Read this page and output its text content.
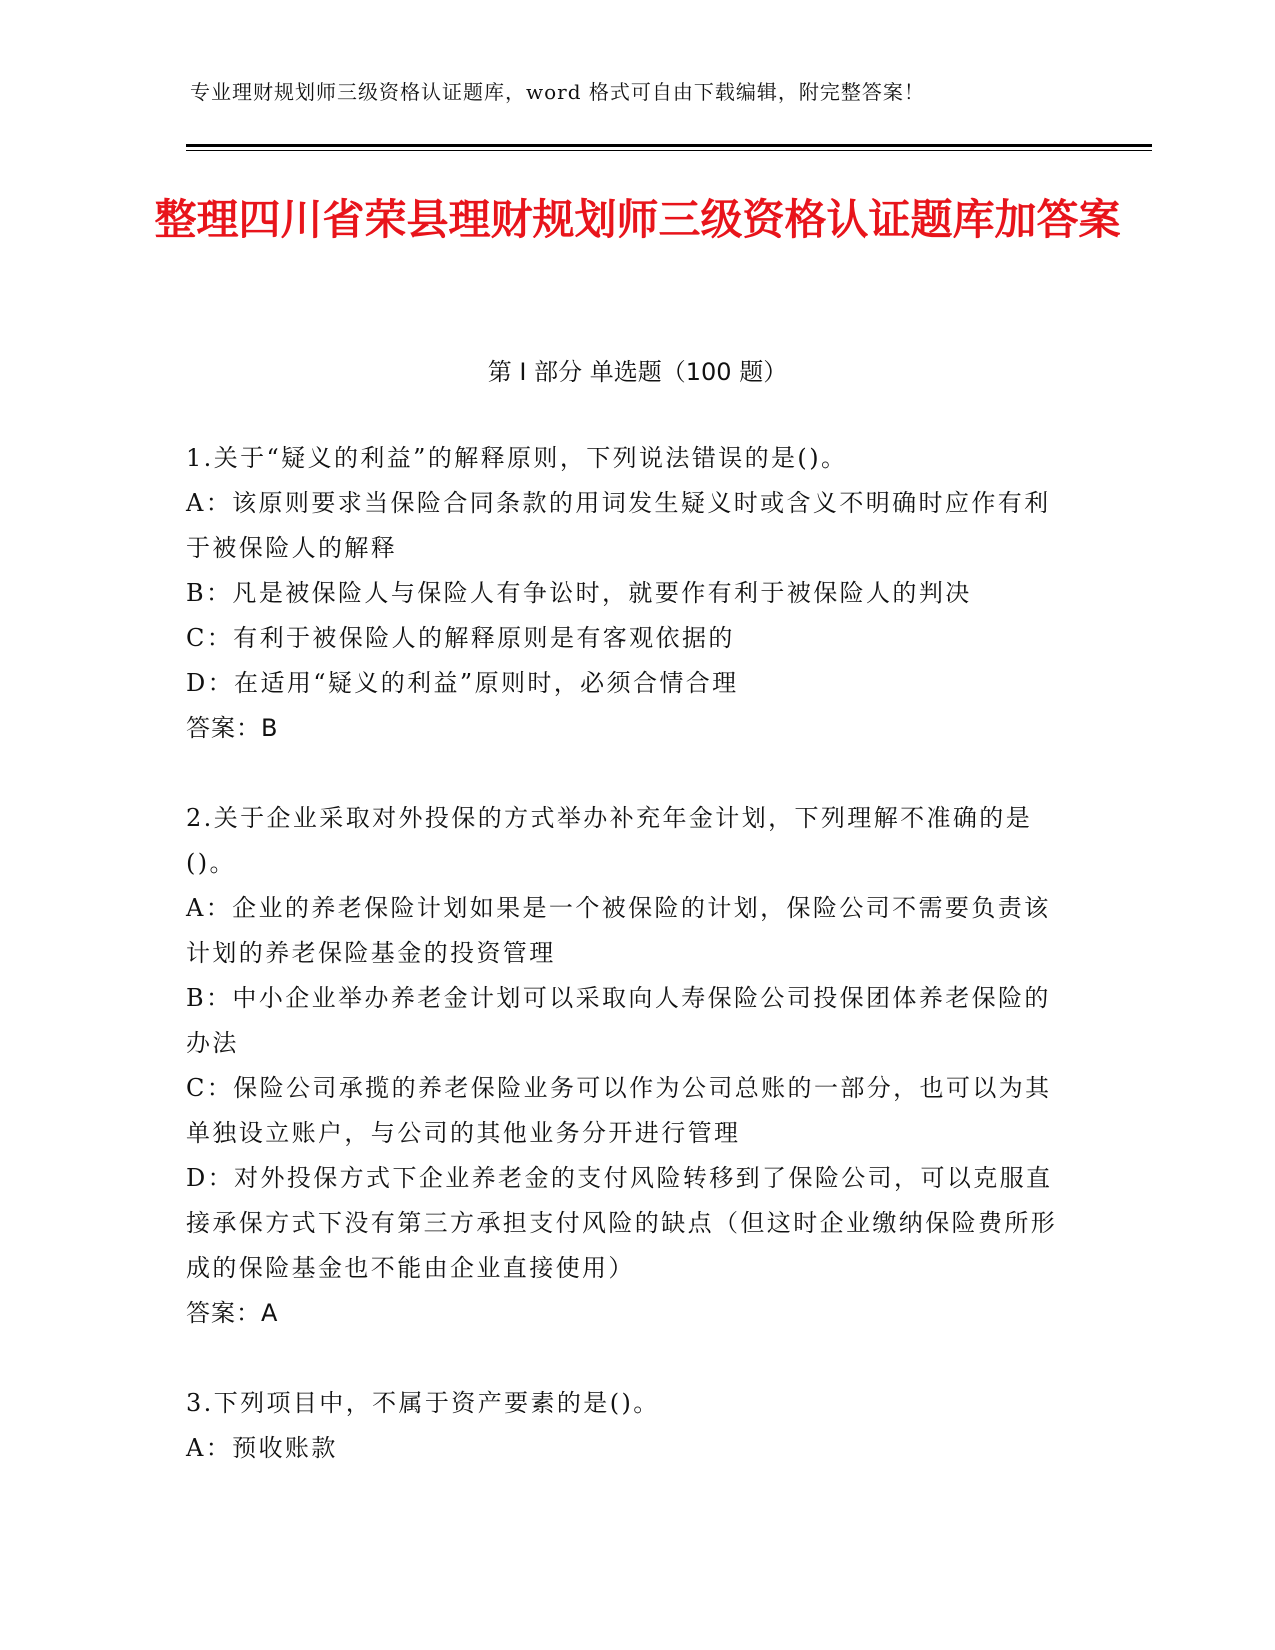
专业理财规划师三级资格认证题库，word 格式可自由下载编辑，附完整答案！
整理四川省荣县理财规划师三级资格认证题库加答案
第 I 部分 单选题（100 题）

1.关于“疑义的利益”的解释原则，下列说法错误的是()。

A：该原则要求当保险合同条款的用词发生疑义时或含义不明确时应作有利于被保险人的解释

B：凡是被保险人与保险人有争讼时，就要作有利于被保险人的判决

C：有利于被保险人的解释原则是有客观依据的

D：在适用“疑义的利益”原则时，必须合情合理

答案：B

2.关于企业采取对外投保的方式举办补充年金计划，下列理解不准确的是()。

A：企业的养老保险计划如果是一个被保险的计划，保险公司不需要负责该计划的养老保险基金的投资管理

B：中小企业举办养老金计划可以采取向人寿保险公司投保团体养老保险的办法

C：保险公司承揽的养老保险业务可以作为公司总账的一部分，也可以为其单独设立账户，与公司的其他业务分开进行管理

D：对外投保方式下企业养老金的支付风险转移到了保险公司，可以克服直接承保方式下没有第三方承担支付风险的缺点（但这时企业缴纳保险费所形成的保险基金也不能由企业直接使用）

答案：A

3.下列项目中，不属于资产要素的是()。

A：预收账款
